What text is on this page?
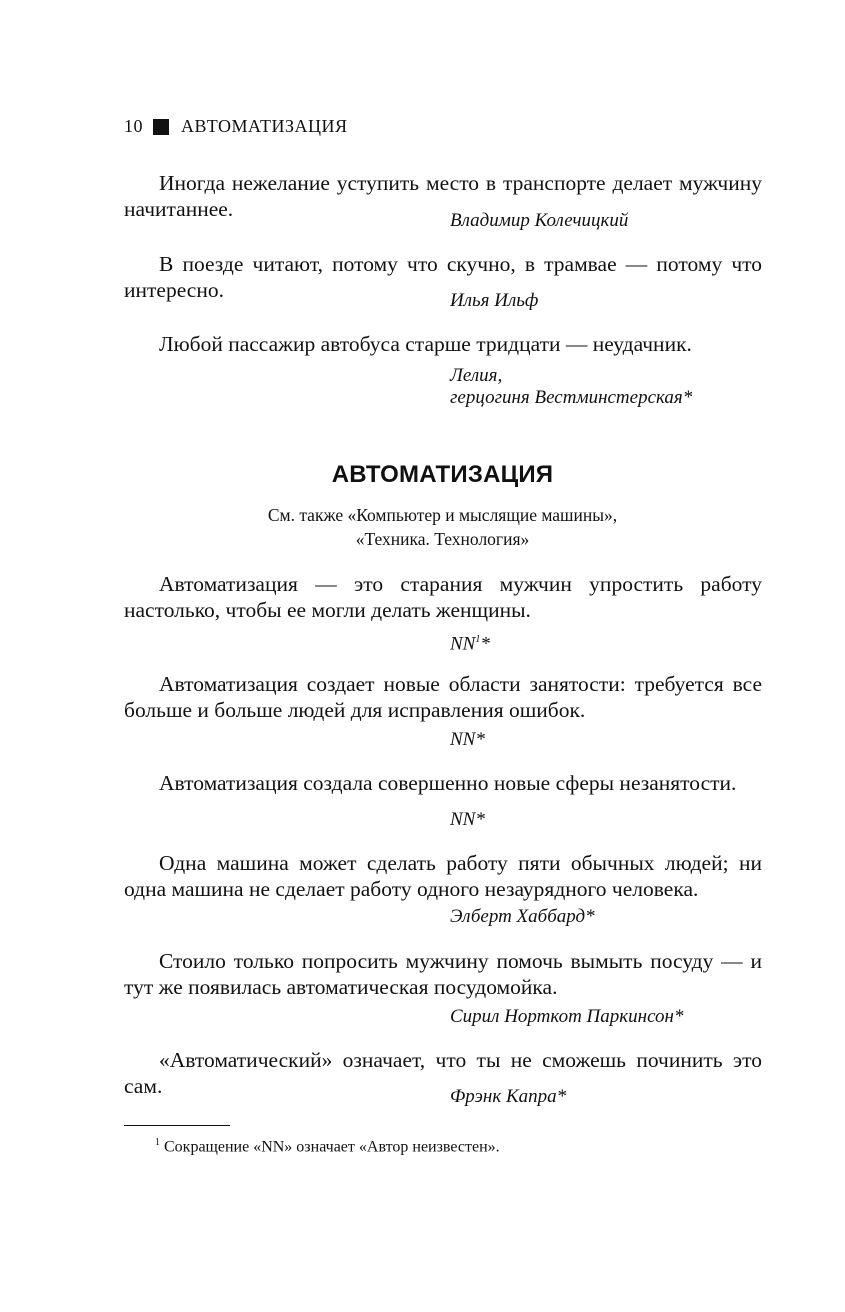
10 АВТОМАТИЗАЦИЯ

Иногда нежелание уступить место в транспорте делает мужчину начитаннее.	Владимир Колечицкий

В поезде читают, потому что скучно, в трамвае — потому что интересно.	Илья Ильф

Любой пассажир автобуса старше тридцати — неудачник.

Лелия,
герцогиня Вестминстерская*
АВТОМАТИЗАЦИЯ
См. также «Компьютер и мыслящие машины»,
«Техника. Технология»

Автоматизация — это старания мужчин упростить работу настолько, чтобы ее могли делать женщины.

$NN^1*$

Автоматизация создает новые области занятости: требуется все больше и больше людей для исправления ошибок.

NN*

Автоматизация создала совершенно новые сферы незанятости.

NN*

Одна машина может сделать работу пяти обычных людей; ни одна машина не сделает работу одного незаурядного человека.

Элберт Хаббард*

Стоило только попросить мужчину помочь вымыть посуду — и тут же появилась автоматическая посудомойка.

Сирил Норткот Паркинсон*

«Автоматический» означает, что ты не сможешь починить это сам.	Фрэнк Капра*
$^1$ Сокращение «NN» означает «Автор неизвестен».
